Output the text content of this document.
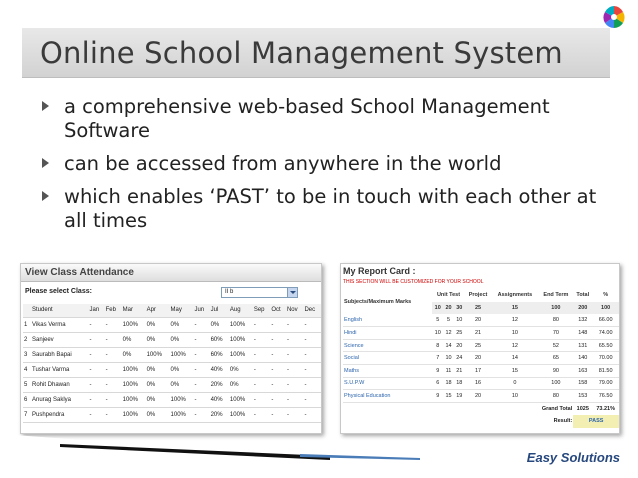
Online School Management System
a comprehensive web-based School Management Software
can be accessed from anywhere in the world
which enables ‘PAST’ to be in touch with each other at all times
View Class Attendance
Please select Class:	II b
	Student	Jan	Feb	Mar	Apr	May	Jun	Jul	Aug	Sep	Oct	Nov	Dec
1	Vikas Verma	-	-	100%	0%	0%	-	0%	100%	-	-	-	-
2	Sanjeev	-	-	0%	0%	0%	-	60%	100%	-	-	-	-
3	Saurabh Bapai	-	-	0%	100%	100%	-	60%	100%	-	-	-	-
4	Tushar Varma	-	-	100%	0%	0%	-	40%	0%	-	-	-	-
5	Rohit Dhawan	-	-	100%	0%	0%	-	20%	0%	-	-	-	-
6	Anurag Saklya	-	-	100%	0%	100%	-	40%	100%	-	-	-	-
7	Pushpendra	-	-	100%	0%	100%	-	20%	100%	-	-	-	-
My Report Card :
THIS SECTION WILL BE CUSTOMIZED FOR YOUR SCHOOL
Subjects/Maximum Marks	Unit Test			Project	Assignments	End Term	Total	%
	10	20	30	25	15	100	200	100
English	5	5	10	20	12	80	132	66.00
Hindi	10	12	25	21	10	70	148	74.00
Science	8	14	20	25	12	52	131	65.50
Social	7	10	24	20	14	65	140	70.00
Maths	9	11	21	17	15	90	163	81.50
S.U.P.W	6	18	18	16	0	100	158	79.00
Physical Education	9	15	19	20	10	80	153	76.50
Grand Total							1025	73.21%
Result:							PASS	
Easy Solutions
